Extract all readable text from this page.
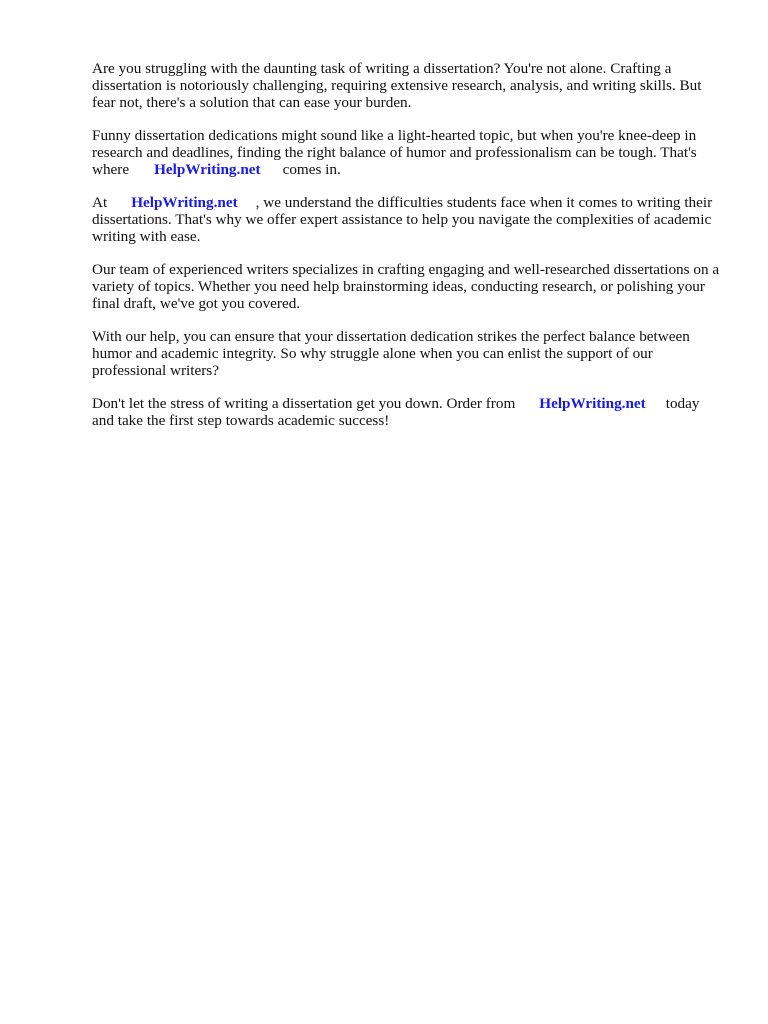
Are you struggling with the daunting task of writing a dissertation? You're not alone. Crafting a dissertation is notoriously challenging, requiring extensive research, analysis, and writing skills. But fear not, there's a solution that can ease your burden.

Funny dissertation dedications might sound like a light-hearted topic, but when you're knee-deep in research and deadlines, finding the right balance of humor and professionalism can be tough. That's where HelpWriting.net comes in.

At HelpWriting.net , we understand the difficulties students face when it comes to writing their dissertations. That's why we offer expert assistance to help you navigate the complexities of academic writing with ease.

Our team of experienced writers specializes in crafting engaging and well-researched dissertations on a variety of topics. Whether you need help brainstorming ideas, conducting research, or polishing your final draft, we've got you covered.

With our help, you can ensure that your dissertation dedication strikes the perfect balance between humor and academic integrity. So why struggle alone when you can enlist the support of our professional writers?

Don't let the stress of writing a dissertation get you down. Order from HelpWriting.net today and take the first step towards academic success!
